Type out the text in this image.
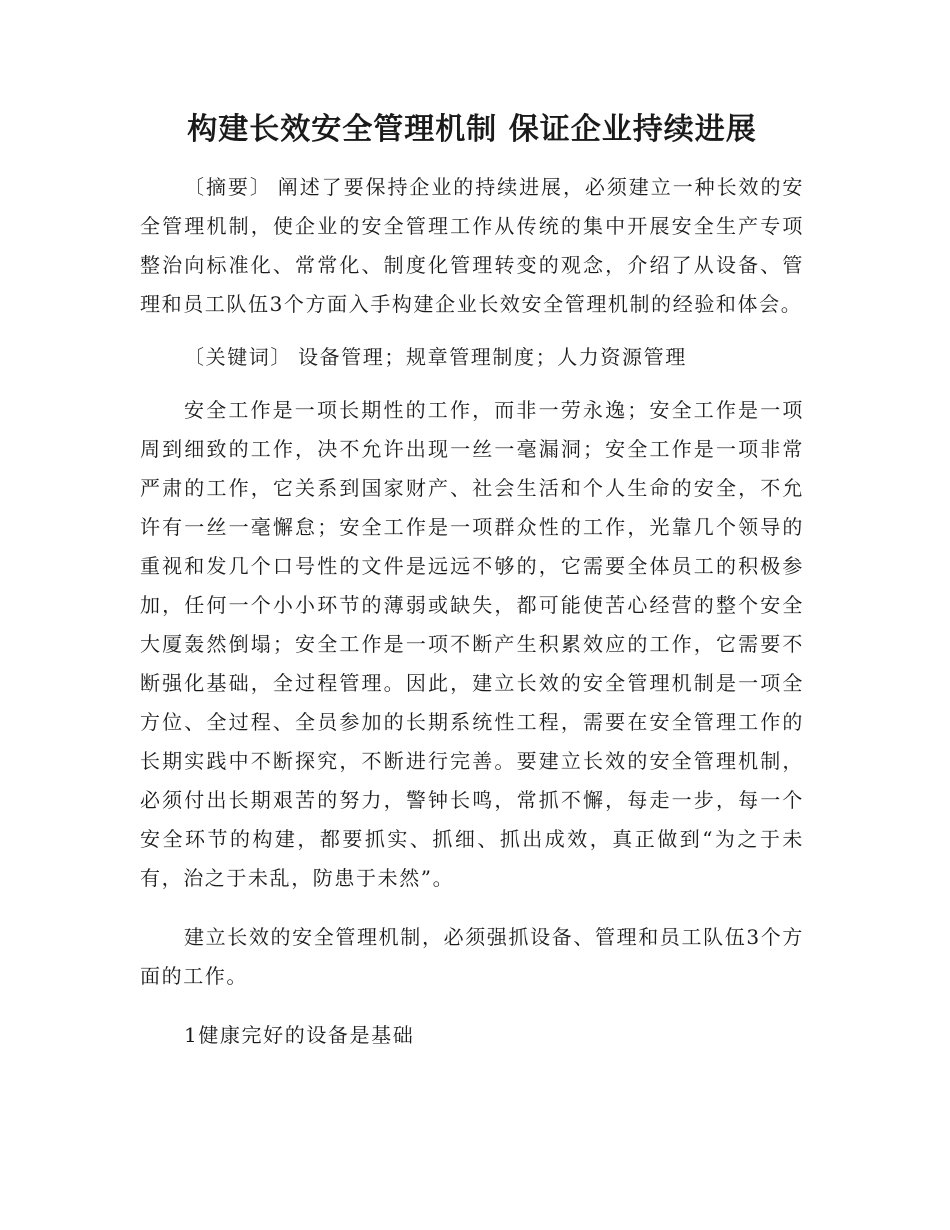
构建长效安全管理机制 保证企业持续进展

〔摘要〕 阐述了要保持企业的持续进展，必须建立一种长效的安全管理机制，使企业的安全管理工作从传统的集中开展安全生产专项整治向标准化、常常化、制度化管理转变的观念，介绍了从设备、管理和员工队伍3个方面入手构建企业长效安全管理机制的经验和体会。

〔关键词〕 设备管理；规章管理制度；人力资源管理

安全工作是一项长期性的工作，而非一劳永逸；安全工作是一项周到细致的工作，决不允许出现一丝一毫漏洞；安全工作是一项非常严肃的工作，它关系到国家财产、社会生活和个人生命的安全，不允许有一丝一毫懈怠；安全工作是一项群众性的工作，光靠几个领导的重视和发几个口号性的文件是远远不够的，它需要全体员工的积极参加，任何一个小小环节的薄弱或缺失，都可能使苦心经营的整个安全大厦轰然倒塌；安全工作是一项不断产生积累效应的工作，它需要不断强化基础，全过程管理。因此，建立长效的安全管理机制是一项全方位、全过程、全员参加的长期系统性工程，需要在安全管理工作的长期实践中不断探究，不断进行完善。要建立长效的安全管理机制，必须付出长期艰苦的努力，警钟长鸣，常抓不懈，每走一步，每一个安全环节的构建，都要抓实、抓细、抓出成效，真正做到“为之于未有，治之于未乱，防患于未然”。

建立长效的安全管理机制，必须强抓设备、管理和员工队伍3个方面的工作。

1健康完好的设备是基础
